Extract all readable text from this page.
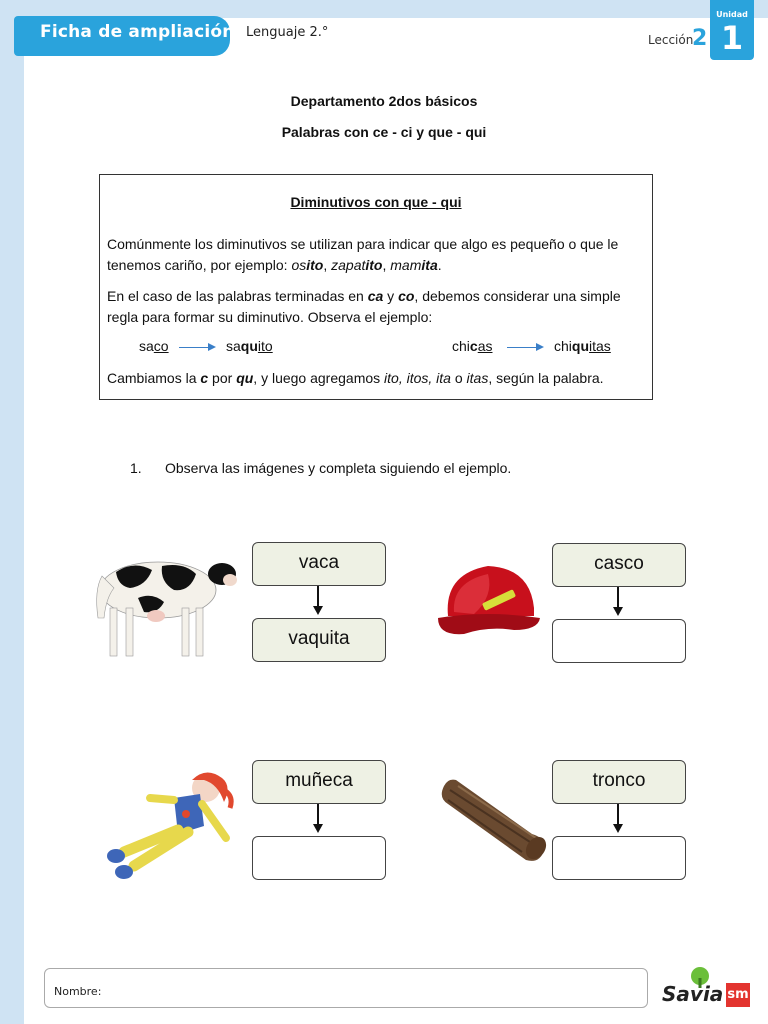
Ficha de ampliación Lenguaje 2.°	Lección
2
Unidad
1
Departamento 2dos básicos
Palabras con ce - ci y que - qui
Diminutivos con que - qui
Comúnmente los diminutivos se utilizan para indicar que algo es pequeño o que le tenemos cariño, por ejemplo: osito, zapatito, mamita.
En el caso de las palabras terminadas en ca y co, debemos considerar una simple regla para formar su diminutivo. Observa el ejemplo:
saco	saquito	chicas	chiquitas
Cambiamos la c por qu, y luego agregamos ito, itos, ita o itas, según la palabra.
1. Observa las imágenes y completa siguiendo el ejemplo.
vaca
vaquita
casco
muñeca	tronco
Nombre:	Savia sm
